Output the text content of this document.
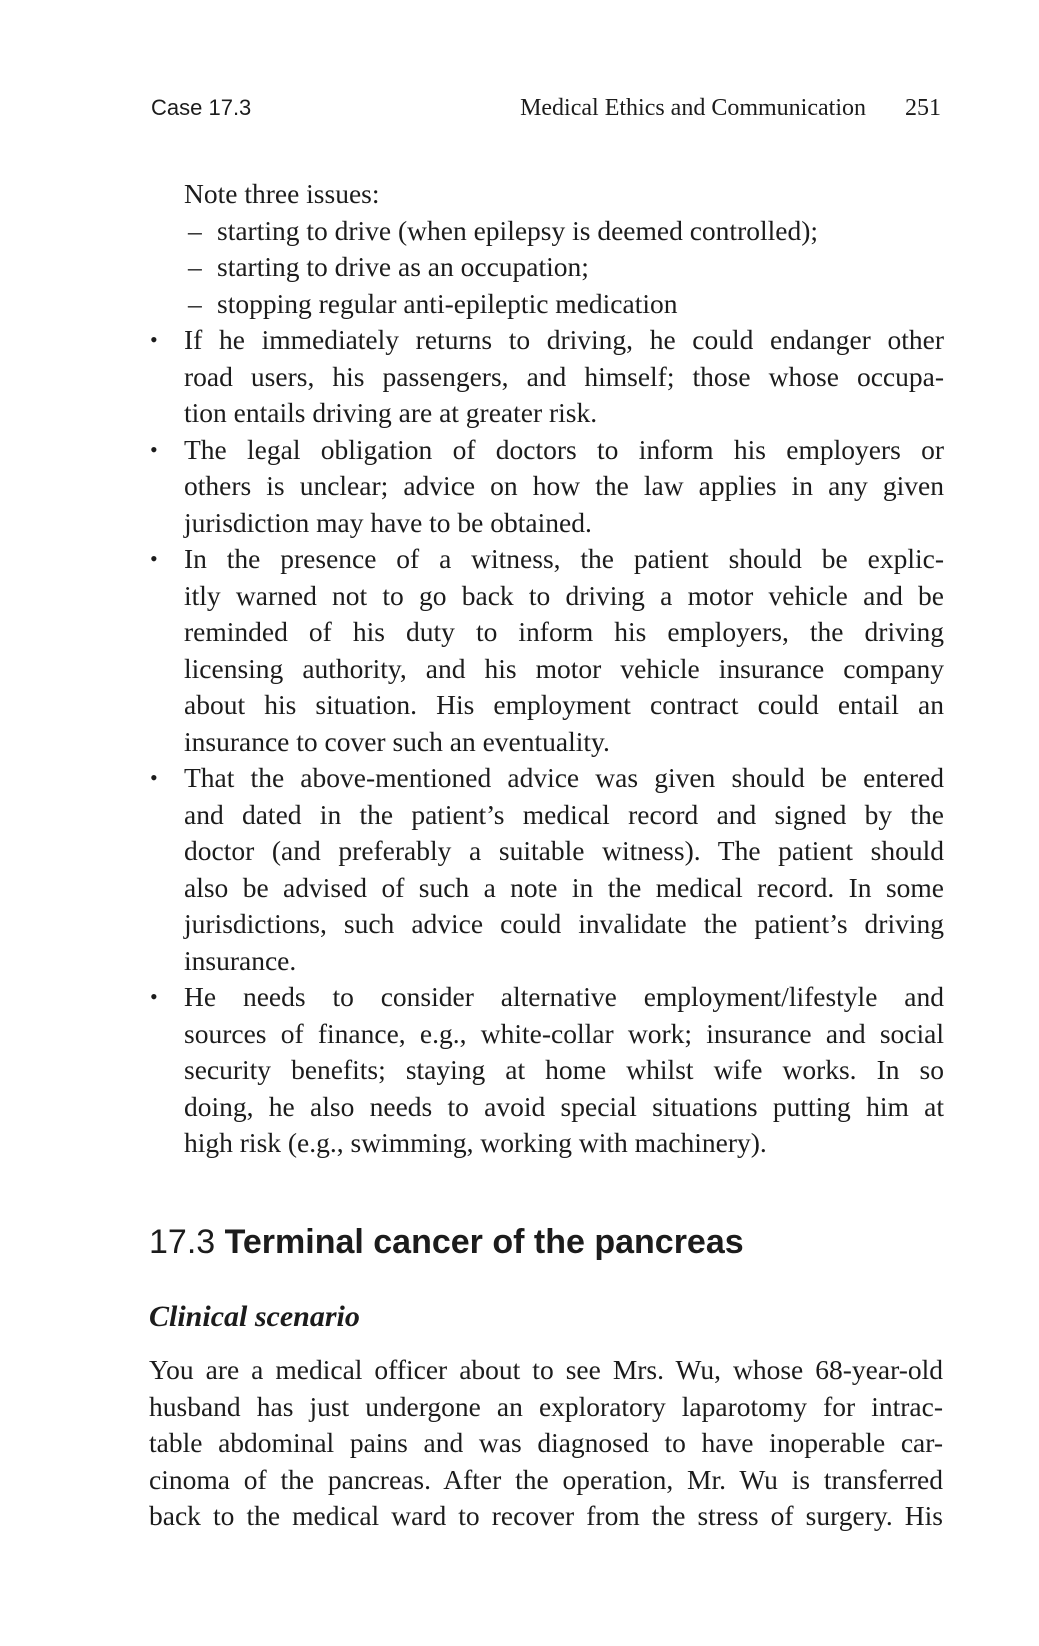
Case 17.3	Medical Ethics and Communication 251
Note three issues:
– starting to drive (when epilepsy is deemed controlled);
– starting to drive as an occupation;
– stopping regular anti-epileptic medication
• If he immediately returns to driving, he could endanger other
road users, his passengers, and himself; those whose occupa-
tion entails driving are at greater risk.
• The legal obligation of doctors to inform his employers or
others is unclear; advice on how the law applies in any given
jurisdiction may have to be obtained.
• In the presence of a witness, the patient should be explic-
itly warned not to go back to driving a motor vehicle and be
reminded of his duty to inform his employers, the driving
licensing authority, and his motor vehicle insurance company
about his situation. His employment contract could entail an
insurance to cover such an eventuality.
• That the above-mentioned advice was given should be entered
and dated in the patient’s medical record and signed by the
doctor (and preferably a suitable witness). The patient should
also be advised of such a note in the medical record. In some
jurisdictions, such advice could invalidate the patient’s driving
insurance.
• He needs to consider alternative employment/lifestyle and
sources of finance, e.g., white-collar work; insurance and social
security benefits; staying at home whilst wife works. In so
doing, he also needs to avoid special situations putting him at
high risk (e.g., swimming, working with machinery).
17.3 Terminal cancer of the pancreas
Clinical scenario
You are a medical officer about to see Mrs. Wu, whose 68-year-old
husband has just undergone an exploratory laparotomy for intrac-
table abdominal pains and was diagnosed to have inoperable car-
cinoma of the pancreas. After the operation, Mr. Wu is transferred
back to the medical ward to recover from the stress of surgery. His
